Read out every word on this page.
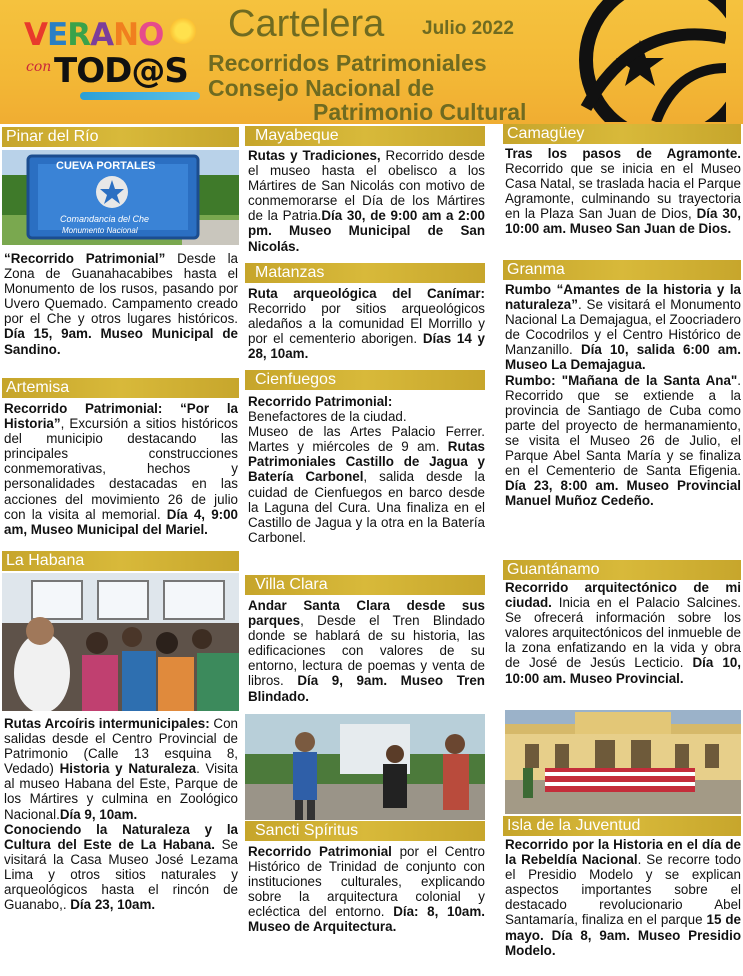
VERANO
con TOD@S
Cartelera Julio 2022
Recorridos Patrimoniales
Consejo Nacional de
Patrimonio Cultural
Pinar del Río
CUEVA PORTALES
Comandancia del Che
Monumento Nacional
“Recorrido Patrimonial” Desde la Zona de Guanahacabibes hasta el Monumento de los rusos, pasando por Uvero Quemado. Campamento creado por el Che y otros lugares históricos. Día 15, 9am. Museo Municipal de Sandino.
Artemisa
Recorrido Patrimonial: “Por la Historia”, Excursión a sitios históricos del municipio destacando las principales construcciones conmemorativas, hechos y personalidades destacadas en las acciones del movimiento 26 de julio con la visita al memorial. Día 4, 9:00 am, Museo Municipal del Mariel.
La Habana
Rutas Arcoíris intermunicipales: Con salidas desde el Centro Provincial de Patrimonio (Calle 13 esquina 8, Vedado) Historia y Naturaleza. Visita al museo Habana del Este, Parque de los Mártires y culmina en Zoológico Nacional.Día 9, 10am.
Conociendo la Naturaleza y la Cultura del Este de La Habana. Se visitará la Casa Museo José Lezama Lima y otros sitios naturales y arqueológicos hasta el rincón de Guanabo,. Día 23, 10am.
Mayabeque
Rutas y Tradiciones, Recorrido desde el museo hasta el obelisco a los Mártires de San Nicolás con motivo de conmemorarse el Día de los Mártires de la Patria.Día 30, de 9:00 am a 2:00 pm. Museo Municipal de San Nicolás.
Matanzas
Ruta arqueológica del Canímar: Recorrido por sitios arqueológicos aledaños a la comunidad El Morrillo y por el cementerio aborigen. Días 14 y 28, 10am.
Cienfuegos
Recorrido Patrimonial:
Benefactores de la ciudad.
Museo de las Artes Palacio Ferrer. Martes y miércoles de 9 am. Rutas Patrimoniales Castillo de Jagua y Batería Carbonel, salida desde la cuidad de Cienfuegos en barco desde la Laguna del Cura. Una finaliza en el Castillo de Jagua y la otra en la Batería Carbonel.
Villa Clara
Andar Santa Clara desde sus parques, Desde el Tren Blindado donde se hablará de su historia, las edificaciones con valores de su entorno, lectura de poemas y venta de libros. Día 9, 9am. Museo Tren Blindado.
Sancti Spíritus
Recorrido Patrimonial por el Centro Histórico de Trinidad de conjunto con instituciones culturales, explicando sobre la arquitectura colonial y ecléctica del entorno. Día: 8, 10am. Museo de Arquitectura.
Camagüey
Tras los pasos de Agramonte. Recorrido que se inicia en el Museo Casa Natal, se traslada hacia el Parque Agramonte, culminando su trayectoria en la Plaza San Juan de Dios, Día 30, 10:00 am. Museo San Juan de Dios.
Granma
Rumbo “Amantes de la historia y la naturaleza”. Se visitará el Monumento Nacional La Demajagua, el Zoocriadero de Cocodrilos y el Centro Histórico de Manzanillo. Día 10, salida 6:00 am. Museo La Demajagua.
Rumbo: "Mañana de la Santa Ana". Recorrido que se extiende a la provincia de Santiago de Cuba como parte del proyecto de hermanamiento, se visita el Museo 26 de Julio, el Parque Abel Santa María y se finaliza en el Cementerio de Santa Efigenia. Día 23, 8:00 am. Museo Provincial Manuel Muñoz Cedeño.
Guantánamo
Recorrido arquitectónico de mi ciudad. Inicia en el Palacio Salcines. Se ofrecerá información sobre los valores arquitectónicos del inmueble de la zona enfatizando en la vida y obra de José de Jesús Lecticio. Día 10, 10:00 am. Museo Provincial.
Isla de la Juventud
Recorrido por la Historia en el día de la Rebeldía Nacional. Se recorre todo el Presidio Modelo y se explican aspectos importantes sobre el destacado revolucionario Abel Santamaría, finaliza en el parque 15 de mayo. Día 8, 9am. Museo Presidio Modelo.
